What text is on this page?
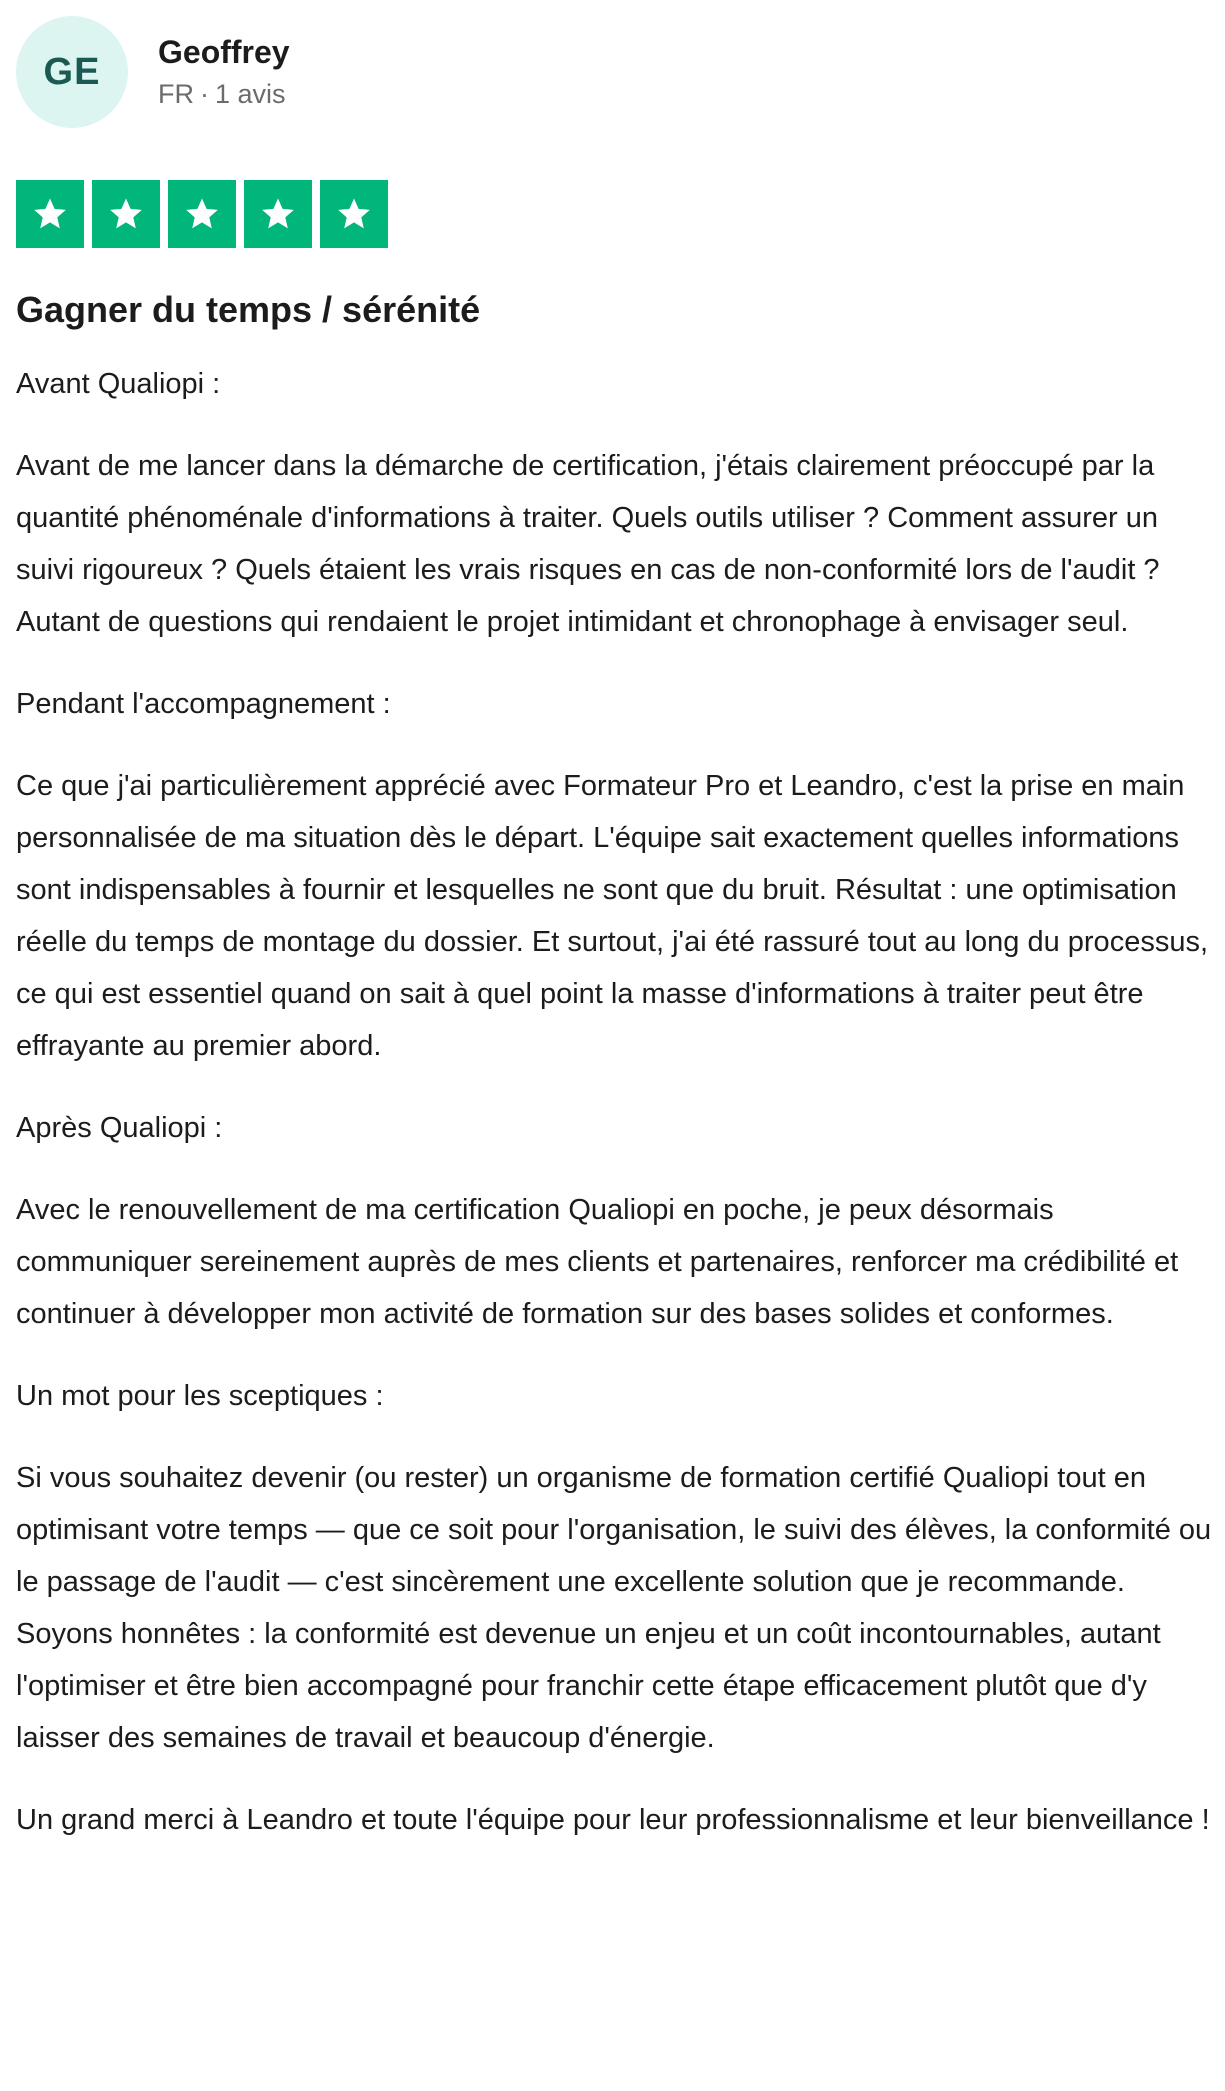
GE	Geoffrey
FR · 1 avis
Gagner du temps / sérénité

Avant Qualiopi :

Avant de me lancer dans la démarche de certification, j'étais clairement préoccupé par la quantité phénoménale d'informations à traiter. Quels outils utiliser ? Comment assurer un suivi rigoureux ? Quels étaient les vrais risques en cas de non-conformité lors de l'audit ? Autant de questions qui rendaient le projet intimidant et chronophage à envisager seul.

Pendant l'accompagnement :

Ce que j'ai particulièrement apprécié avec Formateur Pro et Leandro, c'est la prise en main personnalisée de ma situation dès le départ. L'équipe sait exactement quelles informations sont indispensables à fournir et lesquelles ne sont que du bruit. Résultat : une optimisation réelle du temps de montage du dossier. Et surtout, j'ai été rassuré tout au long du processus, ce qui est essentiel quand on sait à quel point la masse d'informations à traiter peut être effrayante au premier abord.

Après Qualiopi :

Avec le renouvellement de ma certification Qualiopi en poche, je peux désormais communiquer sereinement auprès de mes clients et partenaires, renforcer ma crédibilité et continuer à développer mon activité de formation sur des bases solides et conformes.

Un mot pour les sceptiques :

Si vous souhaitez devenir (ou rester) un organisme de formation certifié Qualiopi tout en optimisant votre temps — que ce soit pour l'organisation, le suivi des élèves, la conformité ou le passage de l'audit — c'est sincèrement une excellente solution que je recommande. Soyons honnêtes : la conformité est devenue un enjeu et un coût incontournables, autant l'optimiser et être bien accompagné pour franchir cette étape efficacement plutôt que d'y laisser des semaines de travail et beaucoup d'énergie.

Un grand merci à Leandro et toute l'équipe pour leur professionnalisme et leur bienveillance !
